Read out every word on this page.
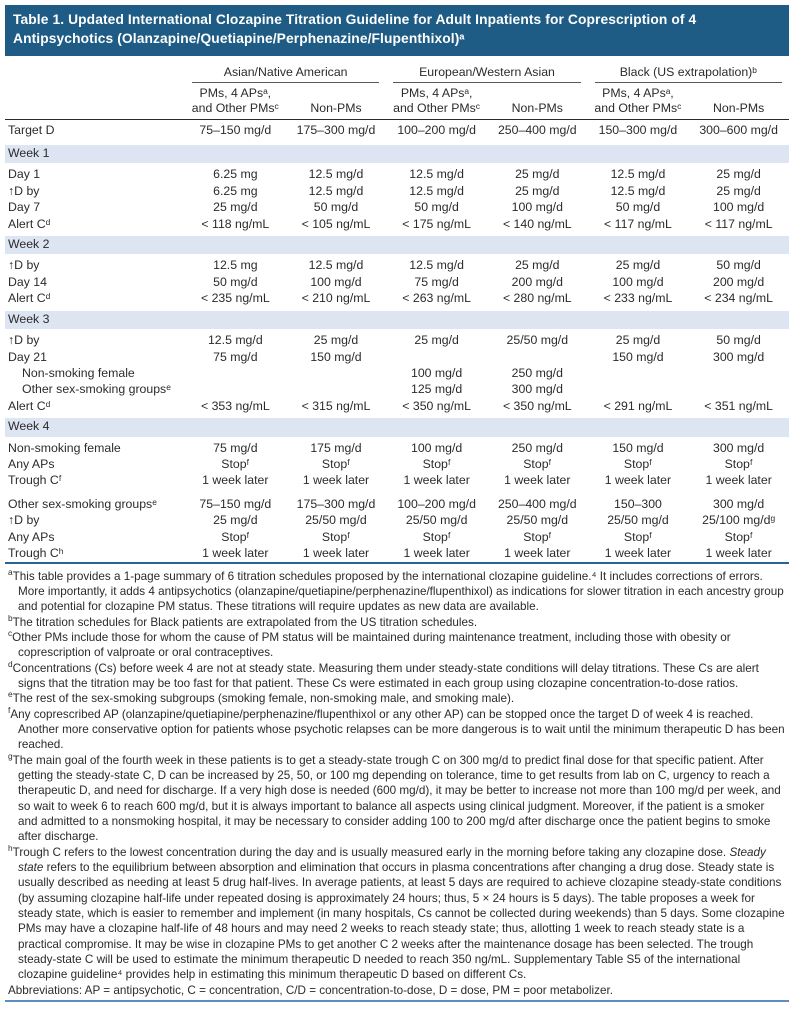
Table 1. Updated International Clozapine Titration Guideline for Adult Inpatients for Coprescription of 4 Antipsychotics (Olanzapine/Quetiapine/Perphenazine/Flupenthixol)ᵃ

	Asian/Native American		European/Western Asian		Black (US extrapolation)ᵇ	

	PMs, 4 APsᵃ,
and Other PMsᶜ	Non-PMs	PMs, 4 APsᵃ,
and Other PMsᶜ	Non-PMs	PMs, 4 APsᵃ,
and Other PMsᶜ	Non-PMs
Target D	75–150 mg/d	175–300 mg/d	100–200 mg/d	250–400 mg/d	150–300 mg/d	300–600 mg/d
Week 1						
Day 1	6.25 mg	12.5 mg/d	12.5 mg/d	25 mg/d	12.5 mg/d	25 mg/d
↑D by	6.25 mg	12.5 mg/d	12.5 mg/d	25 mg/d	12.5 mg/d	25 mg/d
Day 7	25 mg/d	50 mg/d	50 mg/d	100 mg/d	50 mg/d	100 mg/d
Alert Cᵈ	< 118 ng/mL	< 105 ng/mL	< 175 ng/mL	< 140 ng/mL	< 117 ng/mL	< 117 ng/mL
Week 2						
↑D by	12.5 mg	12.5 mg/d	12.5 mg/d	25 mg/d	25 mg/d	50 mg/d
Day 14	50 mg/d	100 mg/d	75 mg/d	200 mg/d	100 mg/d	200 mg/d
Alert Cᵈ	< 235 ng/mL	< 210 ng/mL	< 263 ng/mL	< 280 ng/mL	< 233 ng/mL	< 234 ng/mL
Week 3						
↑D by	12.5 mg/d	25 mg/d	25 mg/d	25/50 mg/d	25 mg/d	50 mg/d
Day 21	75 mg/d	150 mg/d			150 mg/d	300 mg/d
Non-smoking female			100 mg/d	250 mg/d		
Other sex-smoking groupsᵉ			125 mg/d	300 mg/d		
Alert Cᵈ	< 353 ng/mL	< 315 ng/mL	< 350 ng/mL	< 350 ng/mL	< 291 ng/mL	< 351 ng/mL
Week 4						
Non-smoking female	75 mg/d	175 mg/d	100 mg/d	250 mg/d	150 mg/d	300 mg/d
Any APs	Stopᶠ	Stopᶠ	Stopᶠ	Stopᶠ	Stopᶠ	Stopᶠ
Trough Cᶠ	1 week later	1 week later	1 week later	1 week later	1 week later	1 week later
Other sex-smoking groupsᵉ	75–150 mg/d	175–300 mg/d	100–200 mg/d	250–400 mg/d	150–300	300 mg/d
↑D by	25 mg/d	25/50 mg/d	25/50 mg/d	25/50 mg/d	25/50 mg/d	25/100 mg/dᵍ
Any APs	Stopᶠ	Stopᶠ	Stopᶠ	Stopᶠ	Stopᶠ	Stopᶠ
Trough Cʰ	1 week later	1 week later	1 week later	1 week later	1 week later	1 week later

$^a$This table provides a 1-page summary of 6 titration schedules proposed by the international clozapine guideline.⁴ It includes corrections of errors. More importantly, it adds 4 antipsychotics (olanzapine/quetiapine/perphenazine/flupenthixol) as indications for slower titration in each ancestry group and potential for clozapine PM status. These titrations will require updates as new data are available.

$^b$The titration schedules for Black patients are extrapolated from the US titration schedules.

$^c$Other PMs include those for whom the cause of PM status will be maintained during maintenance treatment, including those with obesity or coprescription of valproate or oral contraceptives.

$^d$Concentrations (Cs) before week 4 are not at steady state. Measuring them under steady-state conditions will delay titrations. These Cs are alert signs that the titration may be too fast for that patient. These Cs were estimated in each group using clozapine concentration-to-dose ratios.

$^e$The rest of the sex-smoking subgroups (smoking female, non-smoking male, and smoking male).

$^f$Any coprescribed AP (olanzapine/quetiapine/perphenazine/flupenthixol or any other AP) can be stopped once the target D of week 4 is reached. Another more conservative option for patients whose psychotic relapses can be more dangerous is to wait until the minimum therapeutic D has been reached.

$^g$The main goal of the fourth week in these patients is to get a steady-state trough C on 300 mg/d to predict final dose for that specific patient. After getting the steady-state C, D can be increased by 25, 50, or 100 mg depending on tolerance, time to get results from lab on C, urgency to reach a therapeutic D, and need for discharge. If a very high dose is needed (600 mg/d), it may be better to increase not more than 100 mg/d per week, and so wait to week 6 to reach 600 mg/d, but it is always important to balance all aspects using clinical judgment. Moreover, if the patient is a smoker and admitted to a nonsmoking hospital, it may be necessary to consider adding 100 to 200 mg/d after discharge once the patient begins to smoke after discharge.

$^h$Trough C refers to the lowest concentration during the day and is usually measured early in the morning before taking any clozapine dose. Steady state refers to the equilibrium between absorption and elimination that occurs in plasma concentrations after changing a drug dose. Steady state is usually described as needing at least 5 drug half-lives. In average patients, at least 5 days are required to achieve clozapine steady-state conditions (by assuming clozapine half-life under repeated dosing is approximately 24 hours; thus, 5 × 24 hours is 5 days). The table proposes a week for steady state, which is easier to remember and implement (in many hospitals, Cs cannot be collected during weekends) than 5 days. Some clozapine PMs may have a clozapine half-life of 48 hours and may need 2 weeks to reach steady state; thus, allotting 1 week to reach steady state is a practical compromise. It may be wise in clozapine PMs to get another C 2 weeks after the maintenance dosage has been selected. The trough steady-state C will be used to estimate the minimum therapeutic D needed to reach 350 ng/mL. Supplementary Table S5 of the international clozapine guideline⁴ provides help in estimating this minimum therapeutic D based on different Cs.

Abbreviations: AP = antipsychotic, C = concentration, C/D = concentration-to-dose, D = dose, PM = poor metabolizer.
